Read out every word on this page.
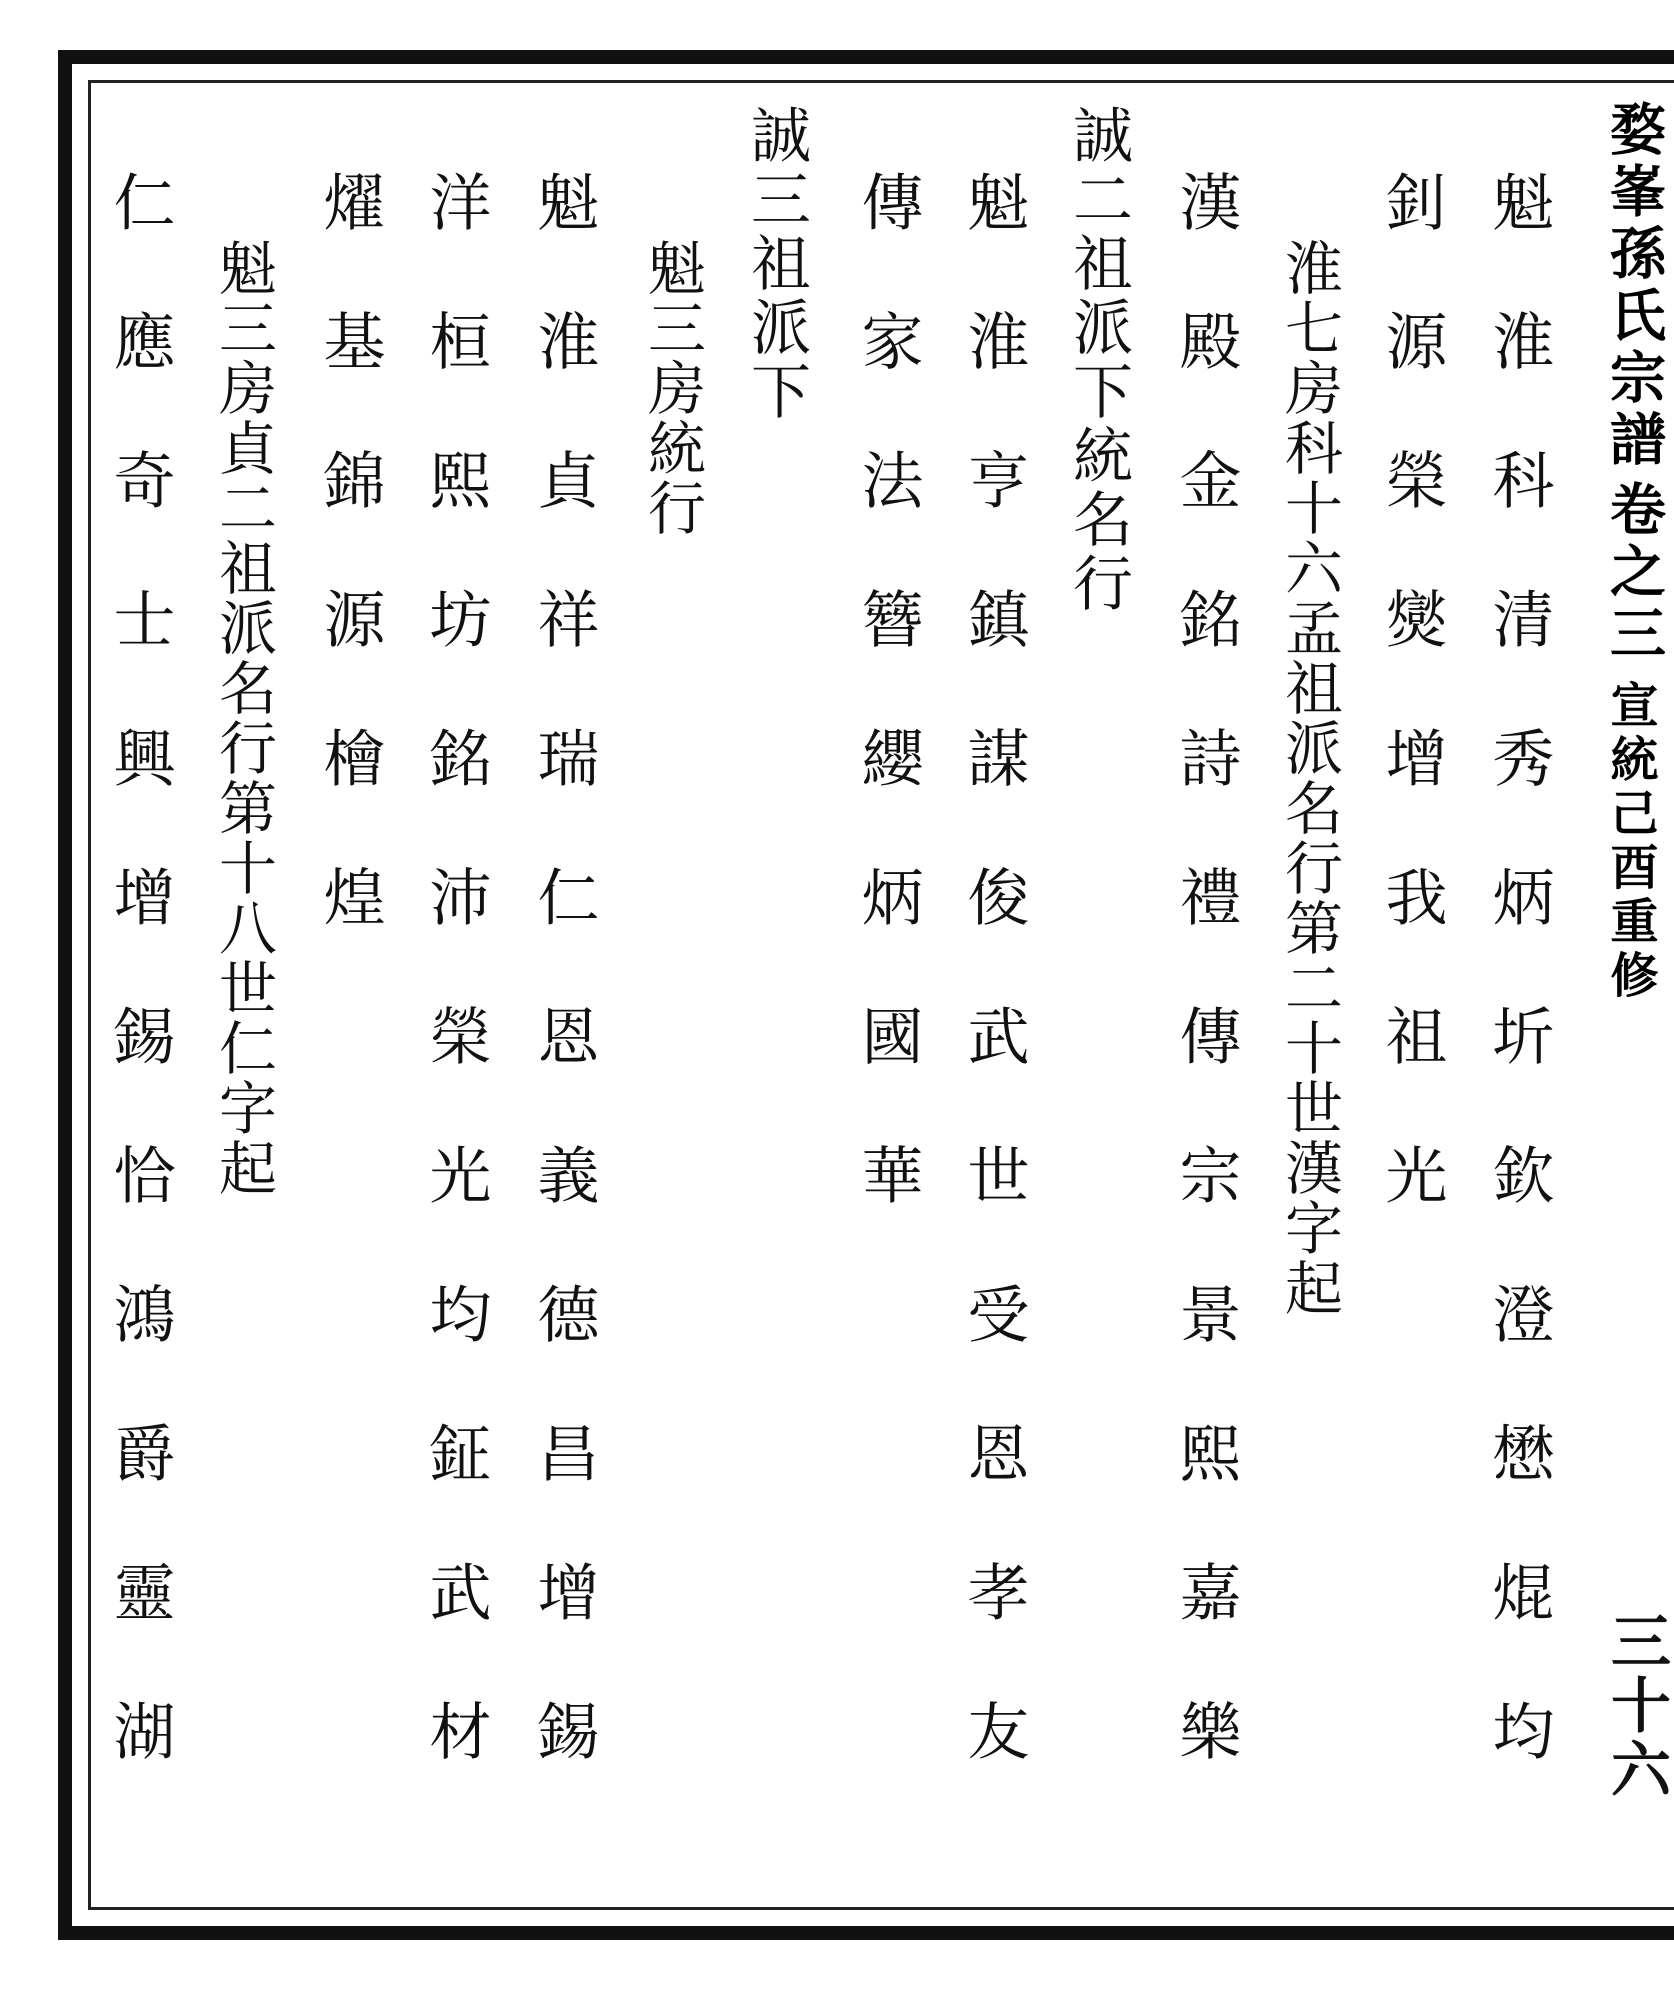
婺峯孫氏宗譜
卷之三
宣統己酉重修
三十六
魁淮科清秀炳圻欽澄懋焜均
釗源榮爕增我祖光
淮七房科十六孟祖派名行第二十世漢字起
漢殿金銘詩禮傳宗景熙嘉樂
誠二祖派下統名行
魁淮亨鎮謀俊武世受恩孝友
傳家法簪纓炳國華
誠三祖派下
魁三房統行
魁淮貞祥瑞仁恩義德昌增錫
洋桓熙坊銘沛榮光均鉦武材
燿基錦源檜煌
魁三房貞二祖派名行第十八世仁字起
仁應奇士興增錫恰鴻爵靈湖
